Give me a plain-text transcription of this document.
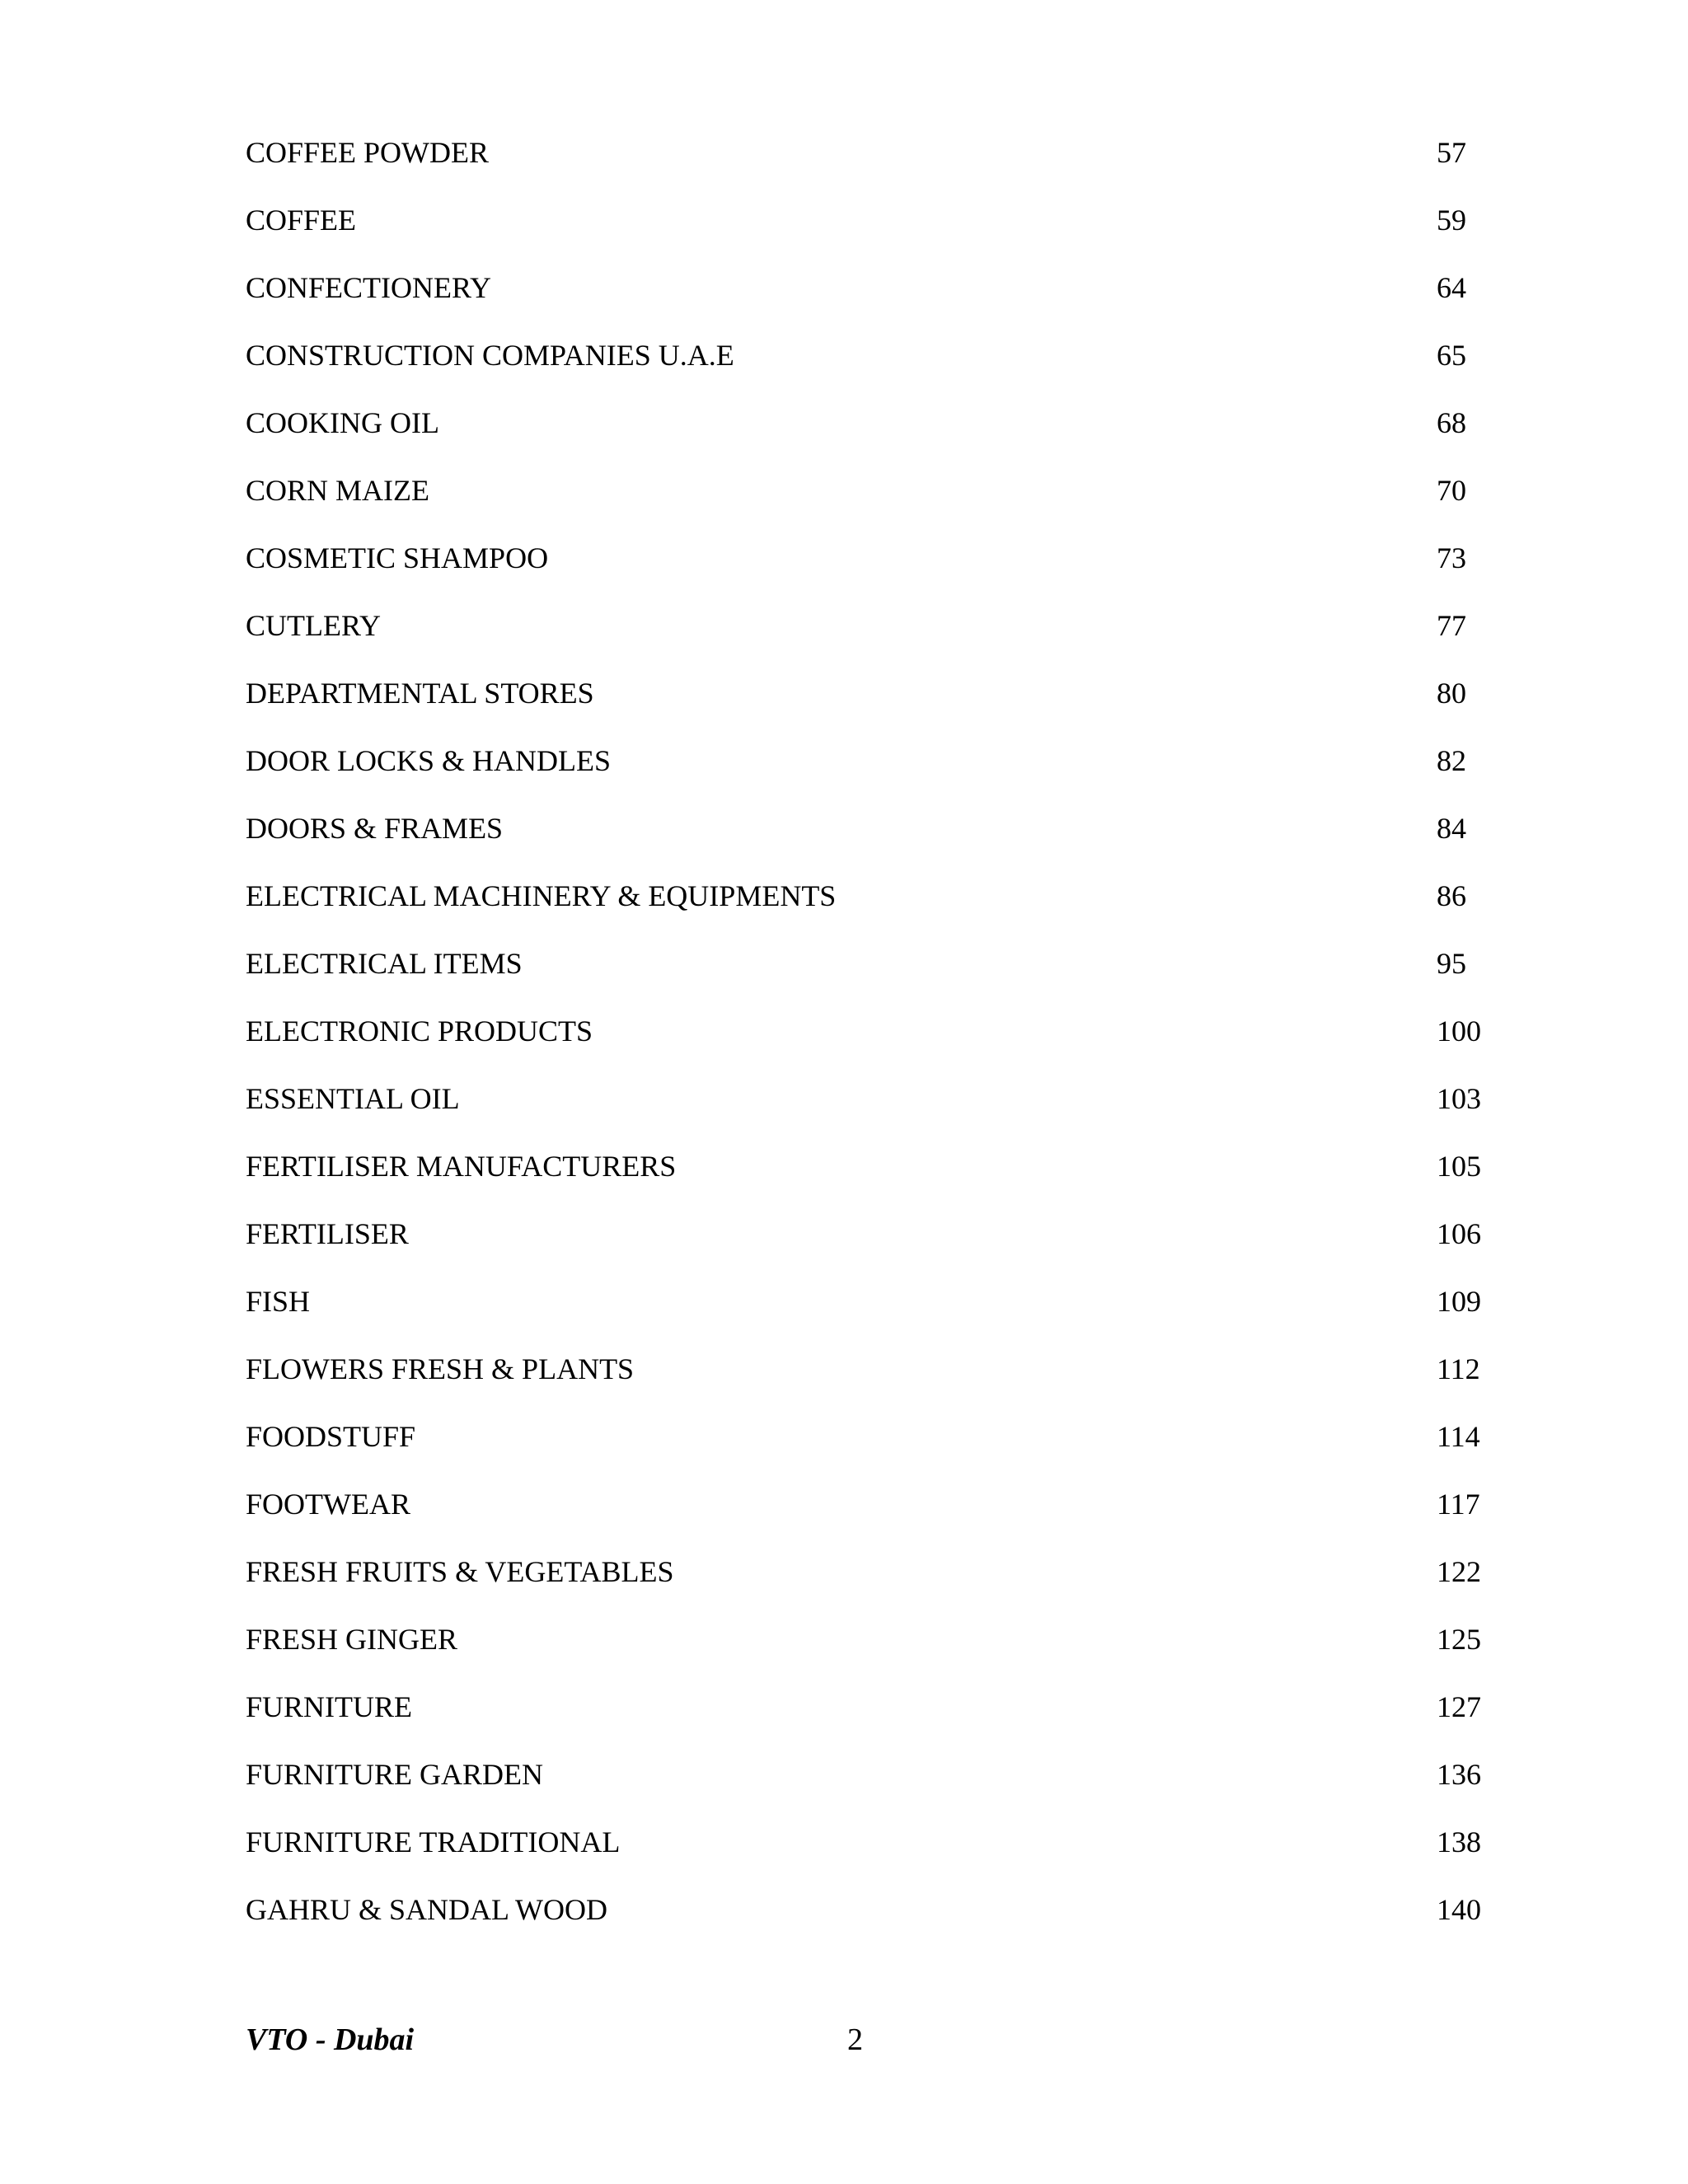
COFFEE POWDER	57
COFFEE	59
CONFECTIONERY	64
CONSTRUCTION COMPANIES U.A.E	65
COOKING OIL	68
CORN MAIZE	70
COSMETIC SHAMPOO	73
CUTLERY	77
DEPARTMENTAL STORES	80
DOOR LOCKS & HANDLES	82
DOORS & FRAMES	84
ELECTRICAL MACHINERY & EQUIPMENTS	86
ELECTRICAL ITEMS	95
ELECTRONIC PRODUCTS	100
ESSENTIAL OIL	103
FERTILISER MANUFACTURERS	105
FERTILISER	106
FISH	109
FLOWERS FRESH & PLANTS	112
FOODSTUFF	114
FOOTWEAR	117
FRESH FRUITS & VEGETABLES	122
FRESH GINGER	125
FURNITURE	127
FURNITURE GARDEN	136
FURNITURE TRADITIONAL	138
GAHRU & SANDAL WOOD	140
VTO - Dubai	2
